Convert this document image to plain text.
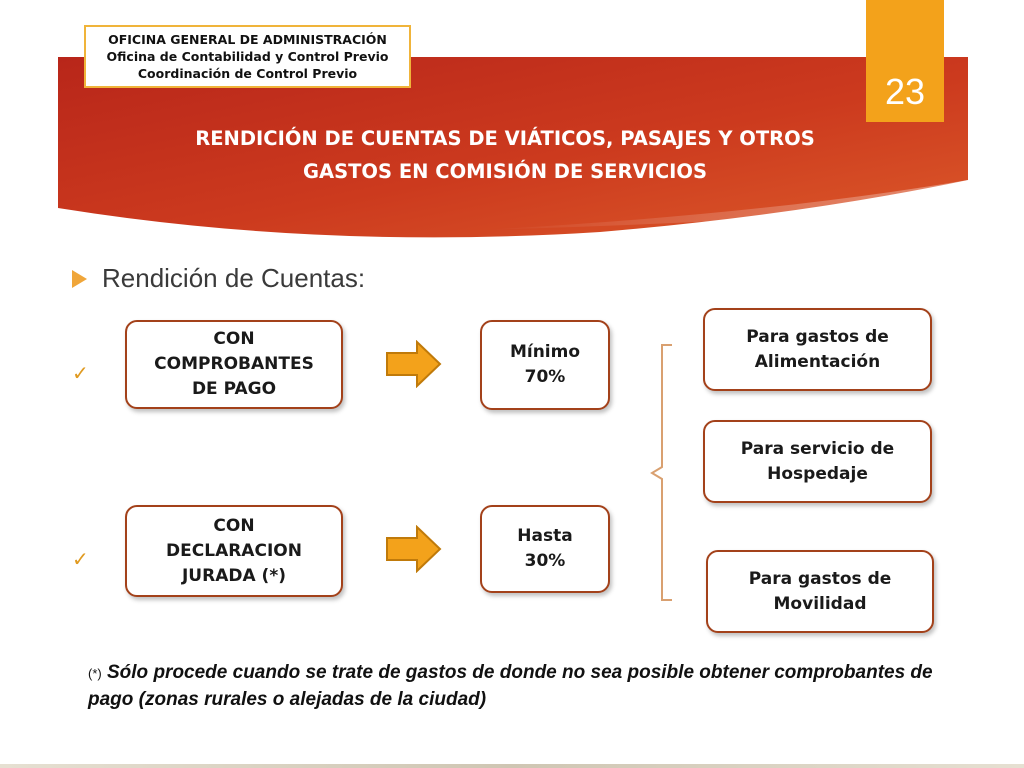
OFICINA GENERAL DE ADMINISTRACIÓN
Oficina de Contabilidad y Control Previo
Coordinación de Control Previo	23
RENDICIÓN DE CUENTAS DE VIÁTICOS, PASAJES Y OTROS
GASTOS EN COMISIÓN DE SERVICIOS
Rendición de Cuentas:
✓
✓
CON
COMPROBANTES
DE PAGO
CON
DECLARACION
JURADA (*)
Mínimo
70%
Hasta
30%
Para gastos de
Alimentación
Para servicio de
Hospedaje
Para gastos de
Movilidad
(*) Sólo procede cuando se trate de gastos de donde no sea posible obtener comprobantes de pago (zonas rurales o alejadas de la ciudad)
